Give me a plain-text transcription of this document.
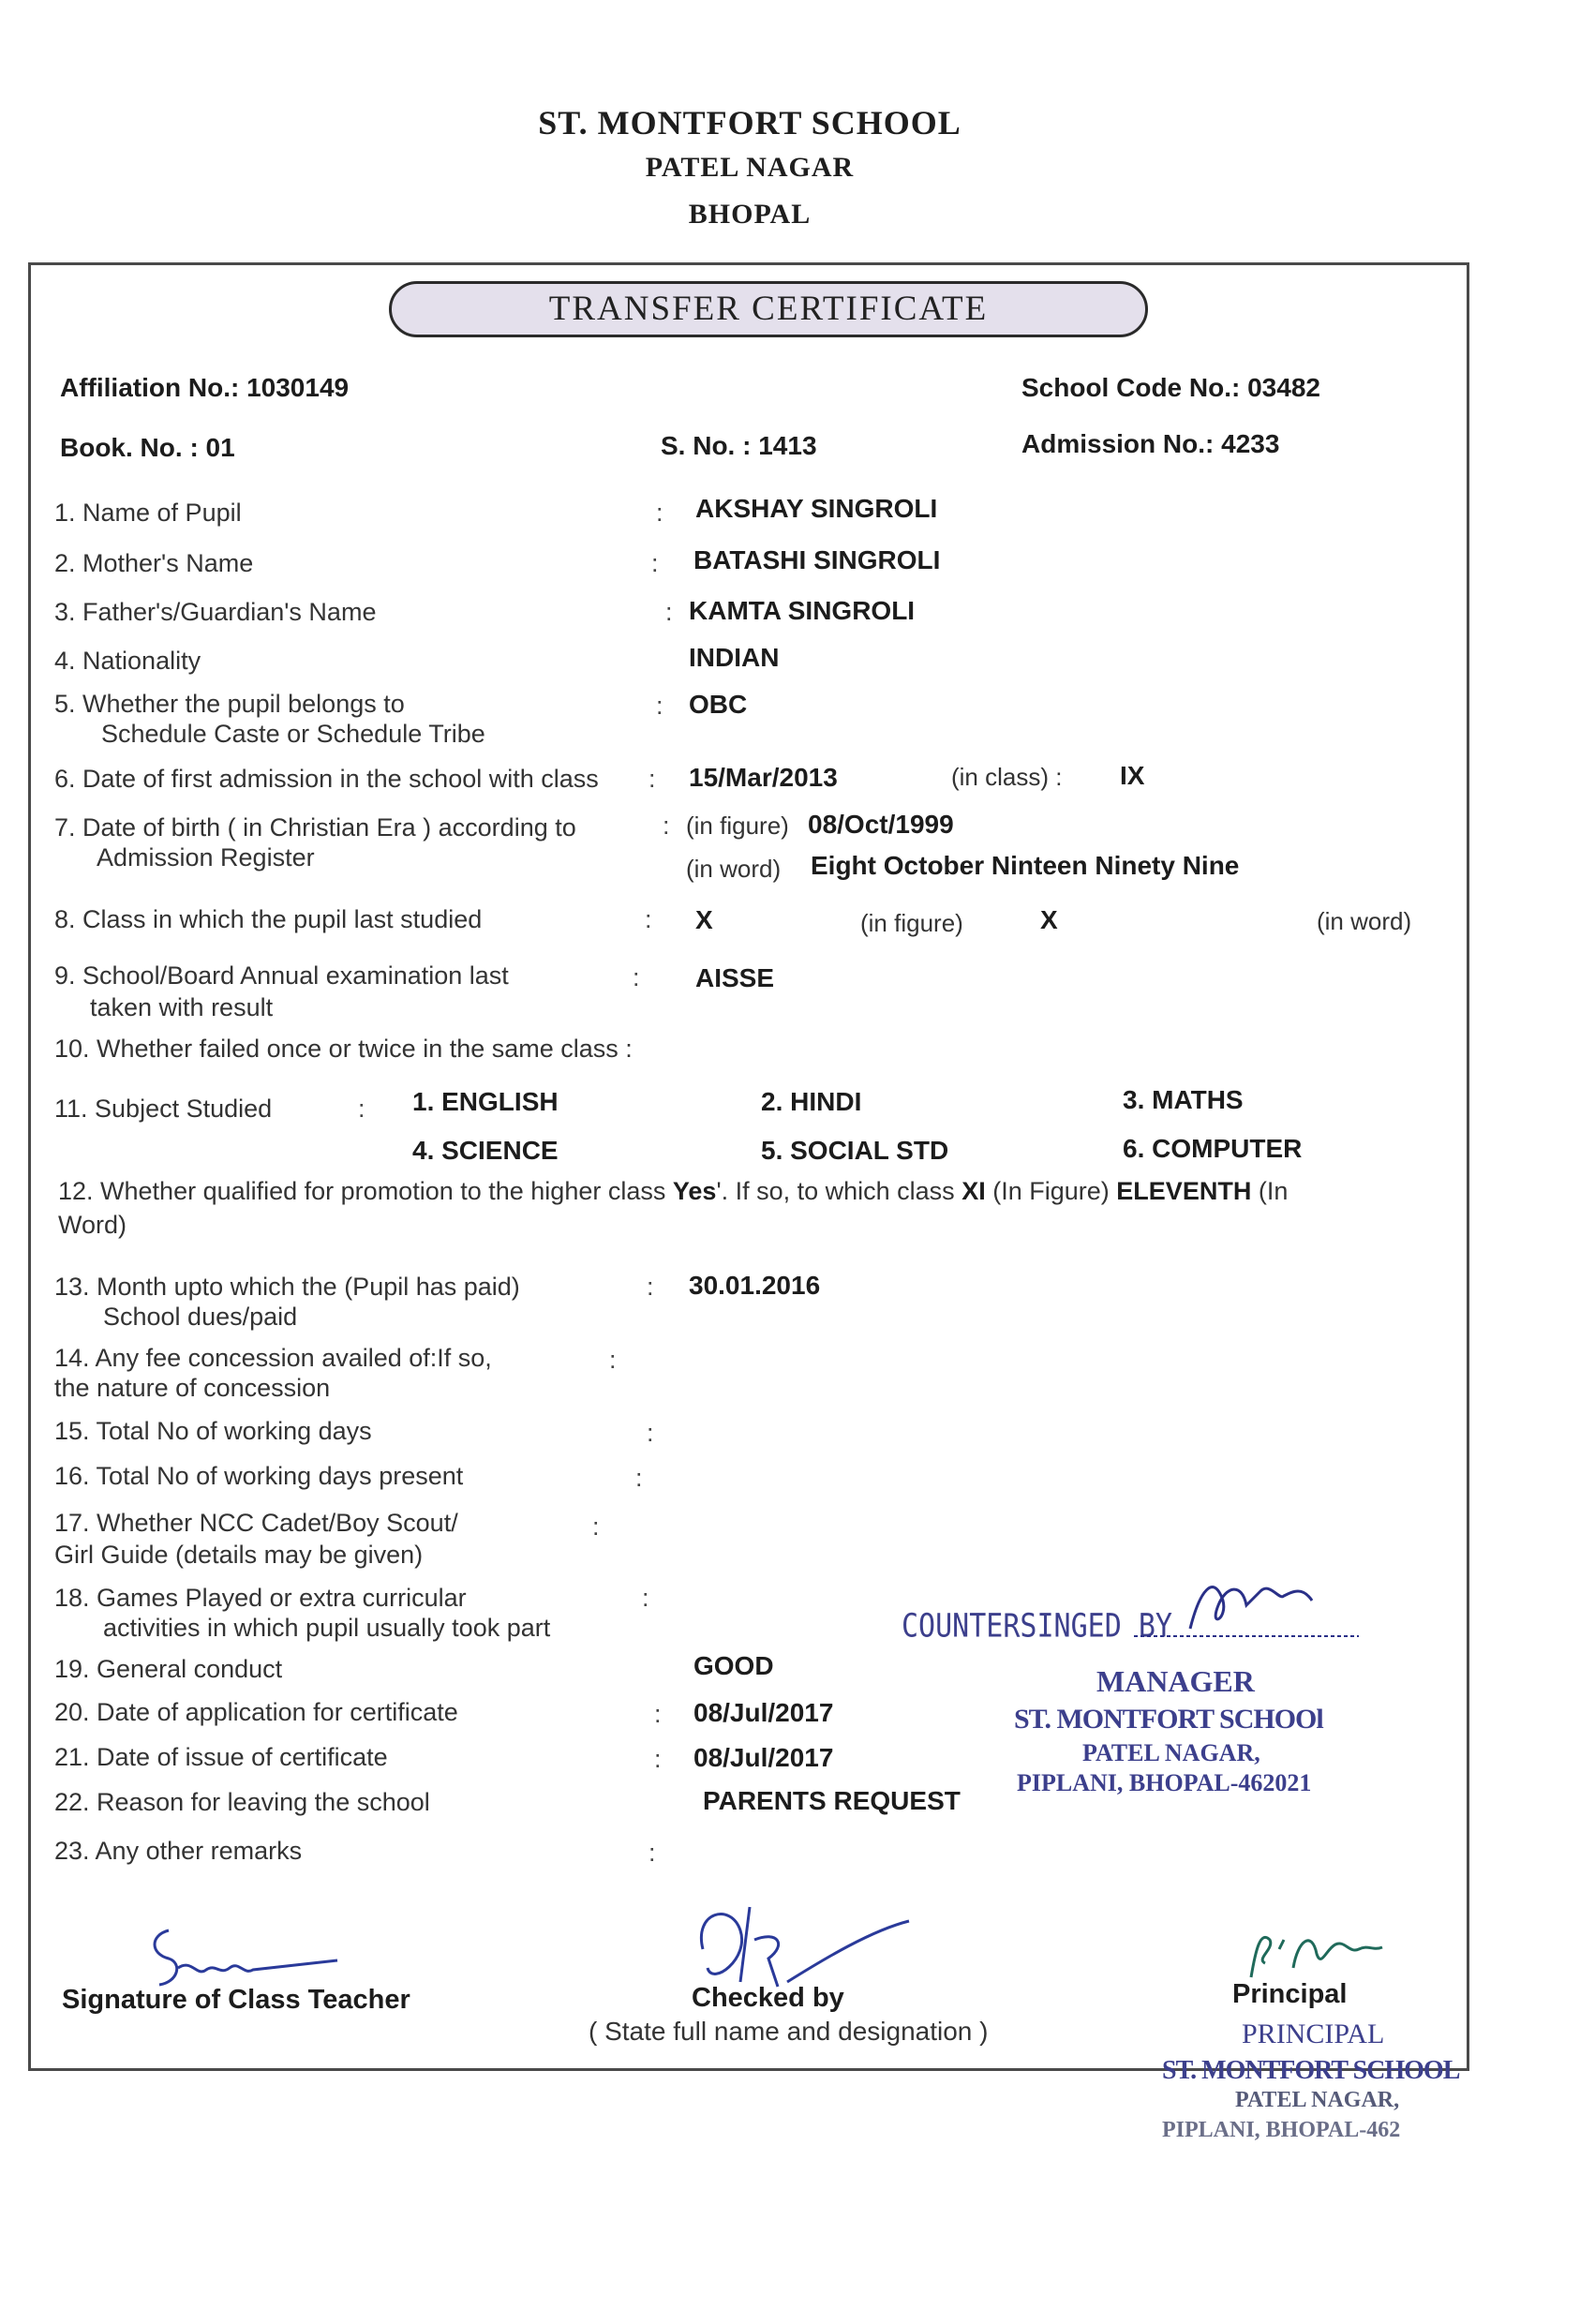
ST. MONTFORT SCHOOL
PATEL NAGAR
BHOPAL
TRANSFER CERTIFICATE
Affiliation No.: 1030149	School Code No.: 03482
Book. No. : 01	S. No. : 1413	Admission No.: 4233
1. Name of Pupil	: AKSHAY SINGROLI
2. Mother's Name	: BATASHI SINGROLI
3. Father's/Guardian's Name	: KAMTA SINGROLI
4. Nationality	INDIAN
5. Whether the pupil belongs to
Schedule Caste or Schedule Tribe
: OBC
6. Date of first admission in the school with class : 15/Mar/2013	(in class) : IX
7. Date of birth ( in Christian Era ) according to
Admission Register
: (in figure) 08/Oct/1999
(in word) Eight October Ninteen Ninety Nine
8. Class in which the pupil last studied	: X	(in figure)	X	(in word)
9. School/Board Annual examination last
taken with result
: AISSE
10. Whether failed once or twice in the same class :
11. Subject Studied	: 1. ENGLISH	2. HINDI	3. MATHS
4. SCIENCE	5. SOCIAL STD	6. COMPUTER
12. Whether qualified for promotion to the higher class Yes'. If so, to which class XI (In Figure) ELEVENTH (In
Word)
13. Month upto which the (Pupil has paid)
School dues/paid
: 30.01.2016
14. Any fee concession availed of:If so,
the nature of concession
:
15. Total No of working days	:
16. Total No of working days present	:
17. Whether NCC Cadet/Boy Scout/
Girl Guide (details may be given)
:
18. Games Played or extra curricular
activities in which pupil usually took part
:
19. General conduct	GOOD
20. Date of application for certificate	: 08/Jul/2017
21. Date of issue of certificate	: 08/Jul/2017
22. Reason for leaving the school	PARENTS REQUEST
23. Any other remarks	:
COUNTERSINGED BY
MANAGER
ST. MONTFORT SCHOOl
PATEL NAGAR,
PIPLANI, BHOPAL-462021
Signature of Class Teacher	Checked by
( State full name and designation )
Principal
PRINCIPAL
ST. MONTFORT SCHOOL
PATEL NAGAR,
PIPLANI, BHOPAL-462
